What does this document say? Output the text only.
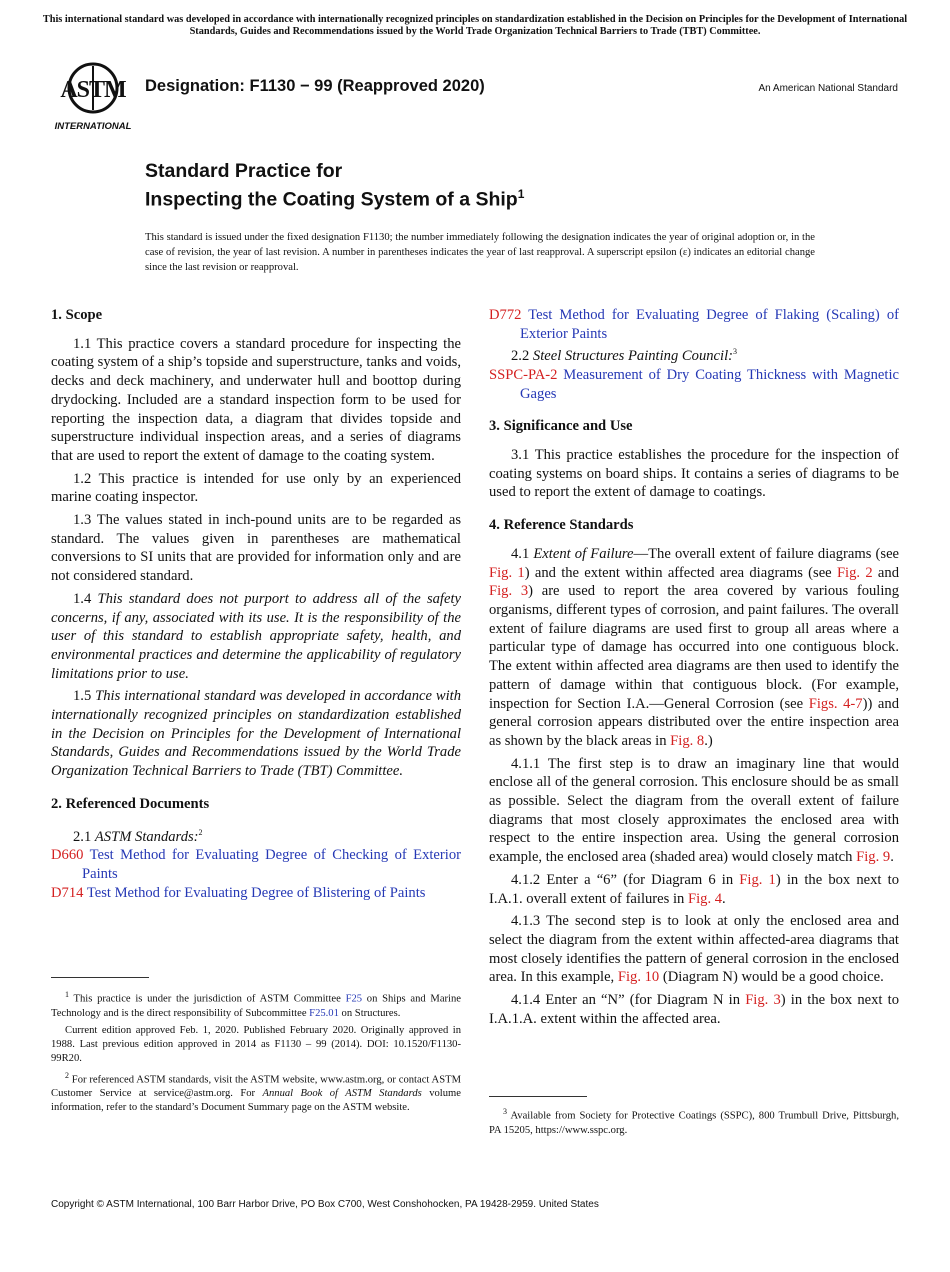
This international standard was developed in accordance with internationally recognized principles on standardization established in the Decision on Principles for the Development of International Standards, Guides and Recommendations issued by the World Trade Organization Technical Barriers to Trade (TBT) Committee.
ASTM
INTERNATIONAL
Designation: F1130 − 99 (Reapproved 2020)	An American National Standard
Standard Practice for
Inspecting the Coating System of a Ship$^1$
This standard is issued under the fixed designation F1130; the number immediately following the designation indicates the year of original adoption or, in the case of revision, the year of last revision. A number in parentheses indicates the year of last reapproval. A superscript epsilon (ε) indicates an editorial change since the last revision or reapproval.
1. Scope

1.1 This practice covers a standard procedure for inspecting the coating system of a ship’s topside and superstructure, tanks and voids, decks and deck machinery, and underwater hull and boottop during drydocking. Included are a standard inspection form to be used for reporting the inspection data, a diagram that divides topside and superstructure individual inspection areas, and a series of diagrams that are used to report the extent of damage to the coating system.

1.2 This practice is intended for use only by an experienced marine coating inspector.

1.3 The values stated in inch-pound units are to be regarded as standard. The values given in parentheses are mathematical conversions to SI units that are provided for information only and are not considered standard.

1.4 This standard does not purport to address all of the safety concerns, if any, associated with its use. It is the responsibility of the user of this standard to establish appropriate safety, health, and environmental practices and determine the applicability of regulatory limitations prior to use.

1.5 This international standard was developed in accordance with internationally recognized principles on standardization established in the Decision on Principles for the Development of International Standards, Guides and Recommendations issued by the World Trade Organization Technical Barriers to Trade (TBT) Committee.

2. Referenced Documents

2.1 ASTM Standards:$^2$

D660 Test Method for Evaluating Degree of Checking of Exterior Paints
D714 Test Method for Evaluating Degree of Blistering of Paints

$^1$ This practice is under the jurisdiction of ASTM Committee F25 on Ships and Marine Technology and is the direct responsibility of Subcommittee F25.01 on Structures.

Current edition approved Feb. 1, 2020. Published February 2020. Originally approved in 1988. Last previous edition approved in 2014 as F1130 – 99 (2014). DOI: 10.1520/F1130-99R20.

$^2$ For referenced ASTM standards, visit the ASTM website, www.astm.org, or contact ASTM Customer Service at service@astm.org. For Annual Book of ASTM Standards volume information, refer to the standard’s Document Summary page on the ASTM website.

D772 Test Method for Evaluating Degree of Flaking (Scaling) of Exterior Paints

2.2 Steel Structures Painting Council:$^3$

SSPC-PA-2 Measurement of Dry Coating Thickness with Magnetic Gages
3. Significance and Use

3.1 This practice establishes the procedure for the inspection of coating systems on board ships. It contains a series of diagrams to be used to report the extent of damage to coatings.

4. Reference Standards

4.1 Extent of Failure—The overall extent of failure diagrams (see Fig. 1) and the extent within affected area diagrams (see Fig. 2 and Fig. 3) are used to report the area covered by various fouling organisms, different types of corrosion, and paint failures. The overall extent of failure diagrams are used first to group all areas where a particular type of damage has occurred into one contiguous block. The extent within affected area diagrams are then used to identify the pattern of damage within that contiguous block. (For example, inspection for Section I.A.—General Corrosion (see Figs. 4-7)) and general corrosion appears distributed over the entire inspection area as shown by the black areas in Fig. 8.)

4.1.1 The first step is to draw an imaginary line that would enclose all of the general corrosion. This enclosure should be as small as possible. Select the diagram from the overall extent of failure diagrams that most closely approximates the enclosed area with respect to the entire inspection area. Using the general corrosion example, the enclosed area (shaded area) would closely match Fig. 9.

4.1.2 Enter a “6” (for Diagram 6 in Fig. 1) in the box next to I.A.1. overall extent of failures in Fig. 4.

4.1.3 The second step is to look at only the enclosed area and select the diagram from the extent within affected-area diagrams that most closely identifies the pattern of general corrosion in the enclosed area. In this example, Fig. 10 (Diagram N) would be a good choice.

4.1.4 Enter an “N” (for Diagram N in Fig. 3) in the box next to I.A.1.A. extent within the affected area.

$^3$ Available from Society for Protective Coatings (SSPC), 800 Trumbull Drive, Pittsburgh, PA 15205, https://www.sspc.org.

Copyright © ASTM International, 100 Barr Harbor Drive, PO Box C700, West Conshohocken, PA 19428-2959. United States
